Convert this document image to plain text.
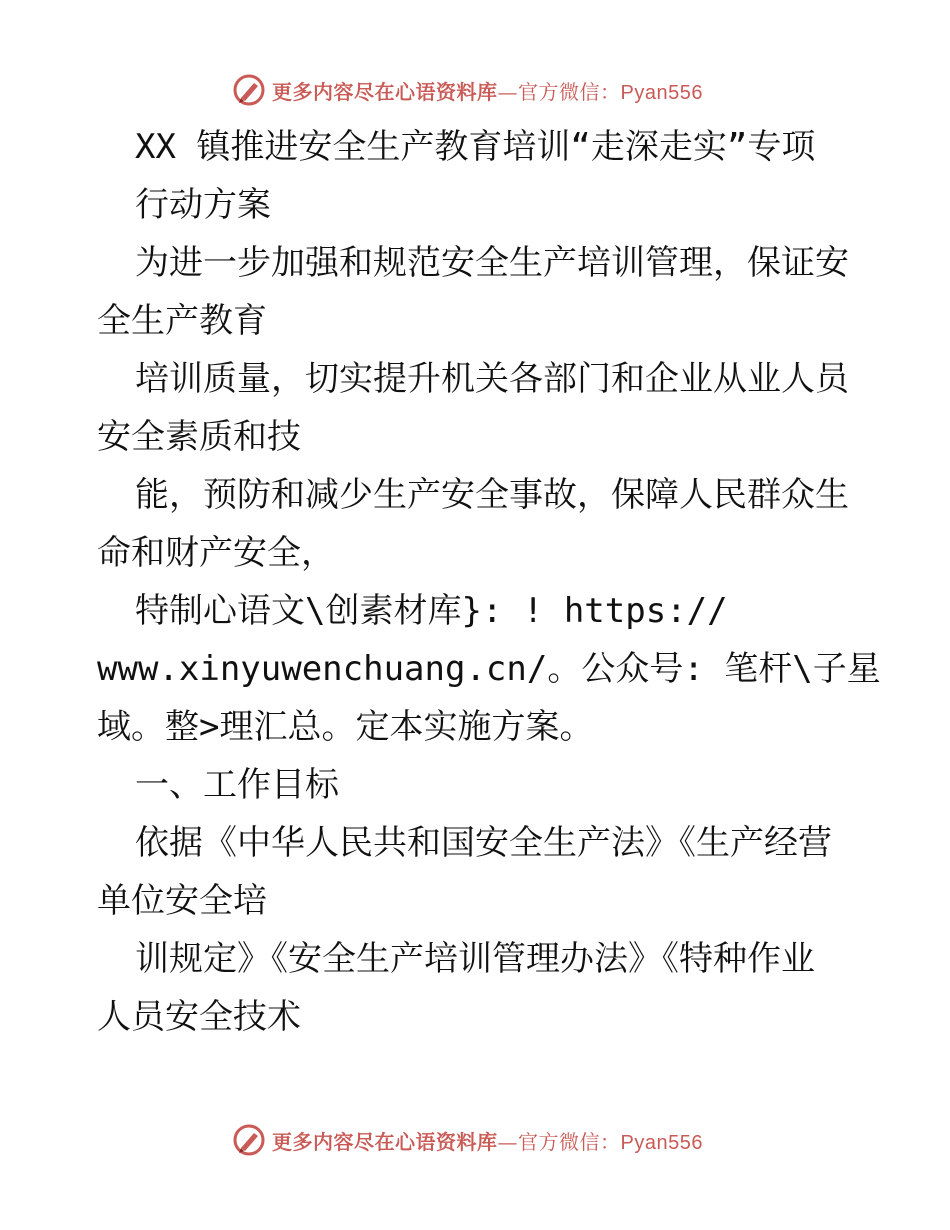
更多内容尽在心语资料库—官方微信：Pyan556
XX 镇推进安全生产教育培训“走深走实”专项
行动方案
为进一步加强和规范安全生产培训管理，保证安
全生产教育
培训质量，切实提升机关各部门和企业从业人员
安全素质和技
能，预防和减少生产安全事故，保障人民群众生
命和财产安全，
特制心语文\创素材库}: ! https://
www.xinyuwenchuang.cn/。公众号: 笔杆\子星
域。整>理汇总。定本实施方案。
一、工作目标
依据《中华人民共和国安全生产法》《生产经营
单位安全培
训规定》《安全生产培训管理办法》《特种作业
人员安全技术
更多内容尽在心语资料库—官方微信：Pyan556
